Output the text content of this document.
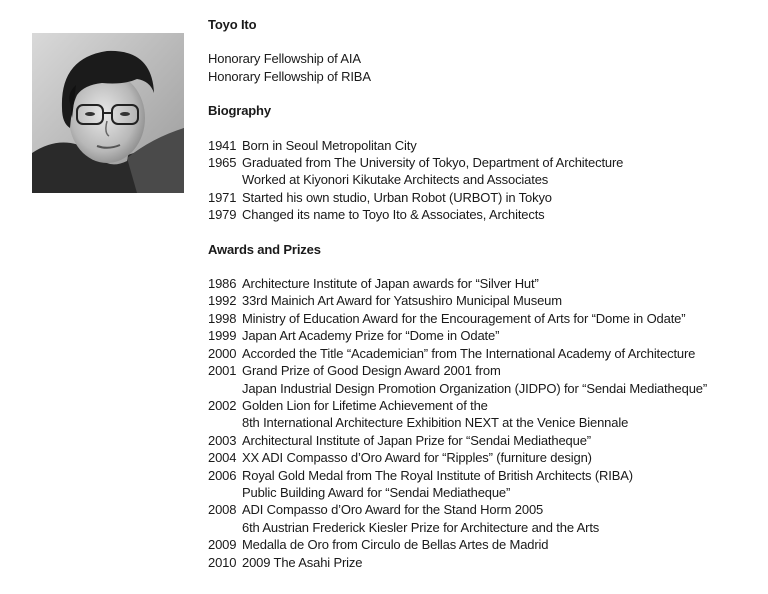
Toyo Ito
Honorary Fellowship of AIA
Honorary Fellowship of RIBA
Biography
1941 Born in Seoul Metropolitan City
1965 Graduated from The University of Tokyo, Department of Architecture
Worked at Kiyonori Kikutake Architects and Associates
1971 Started his own studio, Urban Robot (URBOT) in Tokyo
1979 Changed its name to Toyo Ito & Associates, Architects
Awards and Prizes
1986 Architecture Institute of Japan awards for “Silver Hut”
1992 33rd Mainich Art Award for Yatsushiro Municipal Museum
1998 Ministry of Education Award for the Encouragement of Arts for “Dome in Odate”
1999 Japan Art Academy Prize for “Dome in Odate”
2000 Accorded the Title “Academician” from The International Academy of Architecture
2001 Grand Prize of Good Design Award 2001 from
Japan Industrial Design Promotion Organization (JIDPO) for “Sendai Mediatheque”
2002 Golden Lion for Lifetime Achievement of the
8th International Architecture Exhibition NEXT at the Venice Biennale
2003 Architectural Institute of Japan Prize for “Sendai Mediatheque”
2004 XX ADI Compasso d’Oro Award for “Ripples” (furniture design)
2006 Royal Gold Medal from The Royal Institute of British Architects (RIBA)
Public Building Award for “Sendai Mediatheque”
2008 ADI Compasso d’Oro Award for the Stand Horm 2005
6th Austrian Frederick Kiesler Prize for Architecture and the Arts
2009 Medalla de Oro from Circulo de Bellas Artes de Madrid
2010 2009 The Asahi Prize
